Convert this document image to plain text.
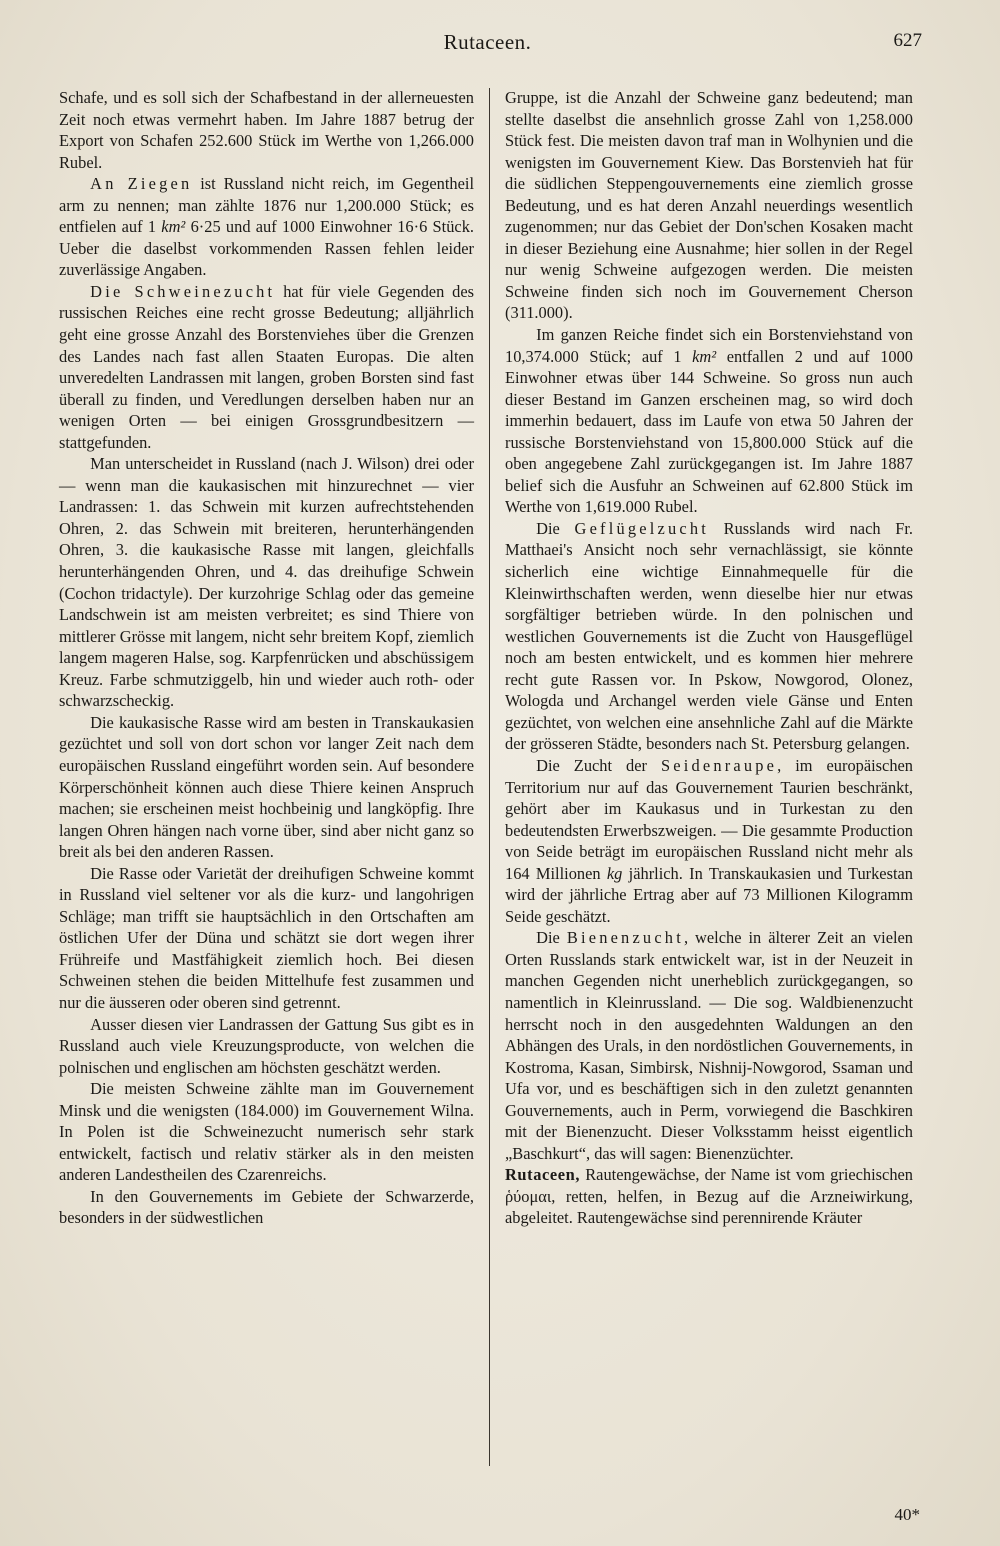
Rutaceen.	627

Schafe, und es soll sich der Schafbestand in der allerneuesten Zeit noch etwas vermehrt haben. Im Jahre 1887 betrug der Export von Schafen 252.600 Stück im Werthe von 1,266.000 Rubel.

An Ziegen ist Russland nicht reich, im Gegentheil arm zu nennen; man zählte 1876 nur 1,200.000 Stück; es entfielen auf 1 km² 6·25 und auf 1000 Einwohner 16·6 Stück. Ueber die daselbst vorkommenden Rassen fehlen leider zuverlässige Angaben.

Die Schweinezucht hat für viele Gegenden des russischen Reiches eine recht grosse Bedeutung; alljährlich geht eine grosse Anzahl des Borstenviehes über die Grenzen des Landes nach fast allen Staaten Europas. Die alten unveredelten Landrassen mit langen, groben Borsten sind fast überall zu finden, und Veredlungen derselben haben nur an wenigen Orten — bei einigen Grossgrundbesitzern — stattgefunden.

Man unterscheidet in Russland (nach J. Wilson) drei oder — wenn man die kaukasischen mit hinzurechnet — vier Landrassen: 1. das Schwein mit kurzen aufrechtstehenden Ohren, 2. das Schwein mit breiteren, herunterhängenden Ohren, 3. die kaukasische Rasse mit langen, gleichfalls herunterhängenden Ohren, und 4. das dreihufige Schwein (Cochon tridactyle). Der kurzohrige Schlag oder das gemeine Landschwein ist am meisten verbreitet; es sind Thiere von mittlerer Grösse mit langem, nicht sehr breitem Kopf, ziemlich langem mageren Halse, sog. Karpfenrücken und abschüssigem Kreuz. Farbe schmutziggelb, hin und wieder auch roth- oder schwarzscheckig.

Die kaukasische Rasse wird am besten in Transkaukasien gezüchtet und soll von dort schon vor langer Zeit nach dem europäischen Russland eingeführt worden sein. Auf besondere Körperschönheit können auch diese Thiere keinen Anspruch machen; sie erscheinen meist hochbeinig und langköpfig. Ihre langen Ohren hängen nach vorne über, sind aber nicht ganz so breit als bei den anderen Rassen.

Die Rasse oder Varietät der dreihufigen Schweine kommt in Russland viel seltener vor als die kurz- und langohrigen Schläge; man trifft sie hauptsächlich in den Ortschaften am östlichen Ufer der Düna und schätzt sie dort wegen ihrer Frühreife und Mastfähigkeit ziemlich hoch. Bei diesen Schweinen stehen die beiden Mittelhufe fest zusammen und nur die äusseren oder oberen sind getrennt.

Ausser diesen vier Landrassen der Gattung Sus gibt es in Russland auch viele Kreuzungsproducte, von welchen die polnischen und englischen am höchsten geschätzt werden.

Die meisten Schweine zählte man im Gouvernement Minsk und die wenigsten (184.000) im Gouvernement Wilna. In Polen ist die Schweinezucht numerisch sehr stark entwickelt, factisch und relativ stärker als in den meisten anderen Landestheilen des Czarenreichs.

In den Gouvernements im Gebiete der Schwarzerde, besonders in der südwestlichen

Gruppe, ist die Anzahl der Schweine ganz bedeutend; man stellte daselbst die ansehnlich grosse Zahl von 1,258.000 Stück fest. Die meisten davon traf man in Wolhynien und die wenigsten im Gouvernement Kiew. Das Borstenvieh hat für die südlichen Steppengouvernements eine ziemlich grosse Bedeutung, und es hat deren Anzahl neuerdings wesentlich zugenommen; nur das Gebiet der Don'schen Kosaken macht in dieser Beziehung eine Ausnahme; hier sollen in der Regel nur wenig Schweine aufgezogen werden. Die meisten Schweine finden sich noch im Gouvernement Cherson (311.000).

Im ganzen Reiche findet sich ein Borstenviehstand von 10,374.000 Stück; auf 1 km² entfallen 2 und auf 1000 Einwohner etwas über 144 Schweine. So gross nun auch dieser Bestand im Ganzen erscheinen mag, so wird doch immerhin bedauert, dass im Laufe von etwa 50 Jahren der russische Borstenviehstand von 15,800.000 Stück auf die oben angegebene Zahl zurückgegangen ist. Im Jahre 1887 belief sich die Ausfuhr an Schweinen auf 62.800 Stück im Werthe von 1,619.000 Rubel.

Die Geflügelzucht Russlands wird nach Fr. Matthaei's Ansicht noch sehr vernachlässigt, sie könnte sicherlich eine wichtige Einnahmequelle für die Kleinwirthschaften werden, wenn dieselbe hier nur etwas sorgfältiger betrieben würde. In den polnischen und westlichen Gouvernements ist die Zucht von Hausgeflügel noch am besten entwickelt, und es kommen hier mehrere recht gute Rassen vor. In Pskow, Nowgorod, Olonez, Wologda und Archangel werden viele Gänse und Enten gezüchtet, von welchen eine ansehnliche Zahl auf die Märkte der grösseren Städte, besonders nach St. Petersburg gelangen.

Die Zucht der Seidenraupe, im europäischen Territorium nur auf das Gouvernement Taurien beschränkt, gehört aber im Kaukasus und in Turkestan zu den bedeutendsten Erwerbszweigen. — Die gesammte Production von Seide beträgt im europäischen Russland nicht mehr als 164 Millionen kg jährlich. In Transkaukasien und Turkestan wird der jährliche Ertrag aber auf 73 Millionen Kilogramm Seide geschätzt.

Die Bienenzucht, welche in älterer Zeit an vielen Orten Russlands stark entwickelt war, ist in der Neuzeit in manchen Gegenden nicht unerheblich zurückgegangen, so namentlich in Kleinrussland. — Die sog. Waldbienenzucht herrscht noch in den ausgedehnten Waldungen an den Abhängen des Urals, in den nordöstlichen Gouvernements, in Kostroma, Kasan, Simbirsk, Nishnij-Nowgorod, Ssaman und Ufa vor, und es beschäftigen sich in den zuletzt genannten Gouvernements, auch in Perm, vorwiegend die Baschkiren mit der Bienenzucht. Dieser Volksstamm heisst eigentlich „Baschkurt“, das will sagen: Bienenzüchter.

Rutaceen, Rautengewächse, der Name ist vom griechischen ῥύομαι, retten, helfen, in Bezug auf die Arzneiwirkung, abgeleitet. Rautengewächse sind perennirende Kräuter

40*
